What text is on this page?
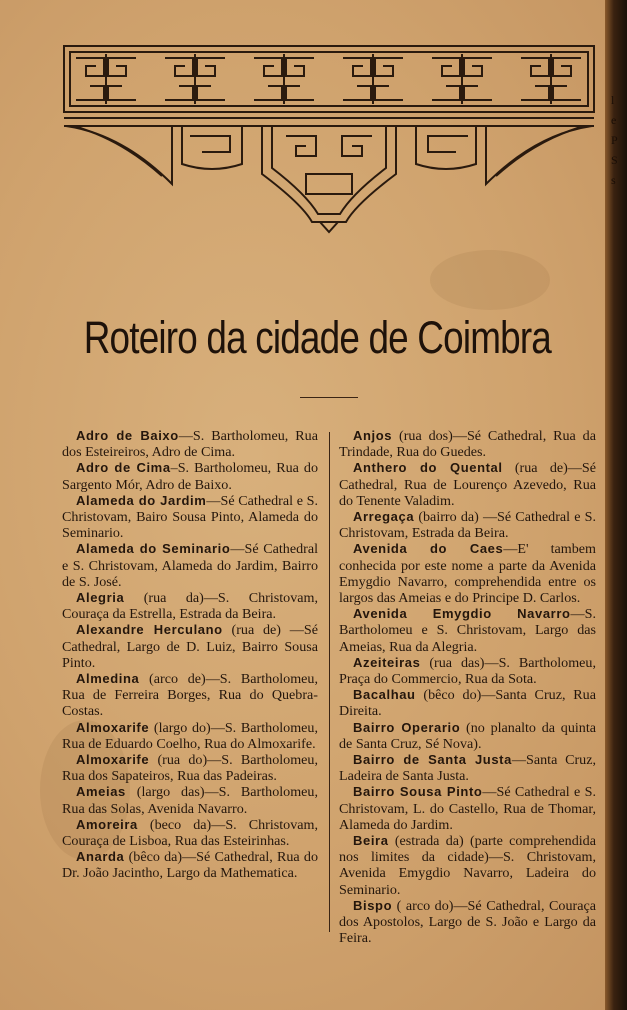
Roteiro da cidade de Coimbra

Adro de Baixo—S. Bartholomeu, Rua dos Esteireiros, Adro de Cima.

Adro de Cima–S. Bartholomeu, Rua do Sargento Mór, Adro de Baixo.

Alameda do Jardim—Sé Cathedral e S. Christovam, Bairo Sousa Pinto, Alameda do Seminario.

Alameda do Seminario—Sé Cathedral e S. Christovam, Alameda do Jardim, Bairro de S. José.

Alegria (rua da)—S. Christovam, Couraça da Estrella, Estrada da Beira.

Alexandre Herculano (rua de) —Sé Cathedral, Largo de D. Luiz, Bairro Sousa Pinto.

Almedina (arco de)—S. Bartholomeu, Rua de Ferreira Borges, Rua do Quebra-Costas.

Almoxarife (largo do)—S. Bartholomeu, Rua de Eduardo Coelho, Rua do Almoxarife.

Almoxarife (rua do)—S. Bartholomeu, Rua dos Sapateiros, Rua das Padeiras.

Ameias (largo das)—S. Bartholomeu, Rua das Solas, Avenida Navarro.

Amoreira (beco da)—S. Christovam, Couraça de Lisboa, Rua das Esteirinhas.

Anarda (bêco da)—Sé Cathedral, Rua do Dr. João Jacintho, Largo da Mathematica.

Anjos (rua dos)—Sé Cathedral, Rua da Trindade, Rua do Guedes.

Anthero do Quental (rua de)—Sé Cathedral, Rua de Lourenço Azevedo, Rua do Tenente Valadim.

Arregaça (bairro da) —Sé Cathedral e S. Christovam, Estrada da Beira.

Avenida do Caes—E' tambem conhecida por este nome a parte da Avenida Emygdio Navarro, comprehendida entre os largos das Ameias e do Principe D. Carlos.

Avenida Emygdio Navarro—S. Bartholomeu e S. Christovam, Largo das Ameias, Rua da Alegria.

Azeiteiras (rua das)—S. Bartholomeu, Praça do Commercio, Rua da Sota.

Bacalhau (bêco do)—Santa Cruz, Rua Direita.

Bairro Operario (no planalto da quinta de Santa Cruz, Sé Nova).

Bairro de Santa Justa—Santa Cruz, Ladeira de Santa Justa.

Bairro Sousa Pinto—Sé Cathedral e S. Christovam, L. do Castello, Rua de Thomar, Alameda do Jardim.

Beira (estrada da) (parte comprehendida nos limites da cidade)—S. Christovam, Avenida Emygdio Navarro, Ladeira do Seminario.

Bispo ( arco do)—Sé Cathedral, Couraça dos Apostolos, Largo de S. João e Largo da Feira.

l
e
P
S
s
